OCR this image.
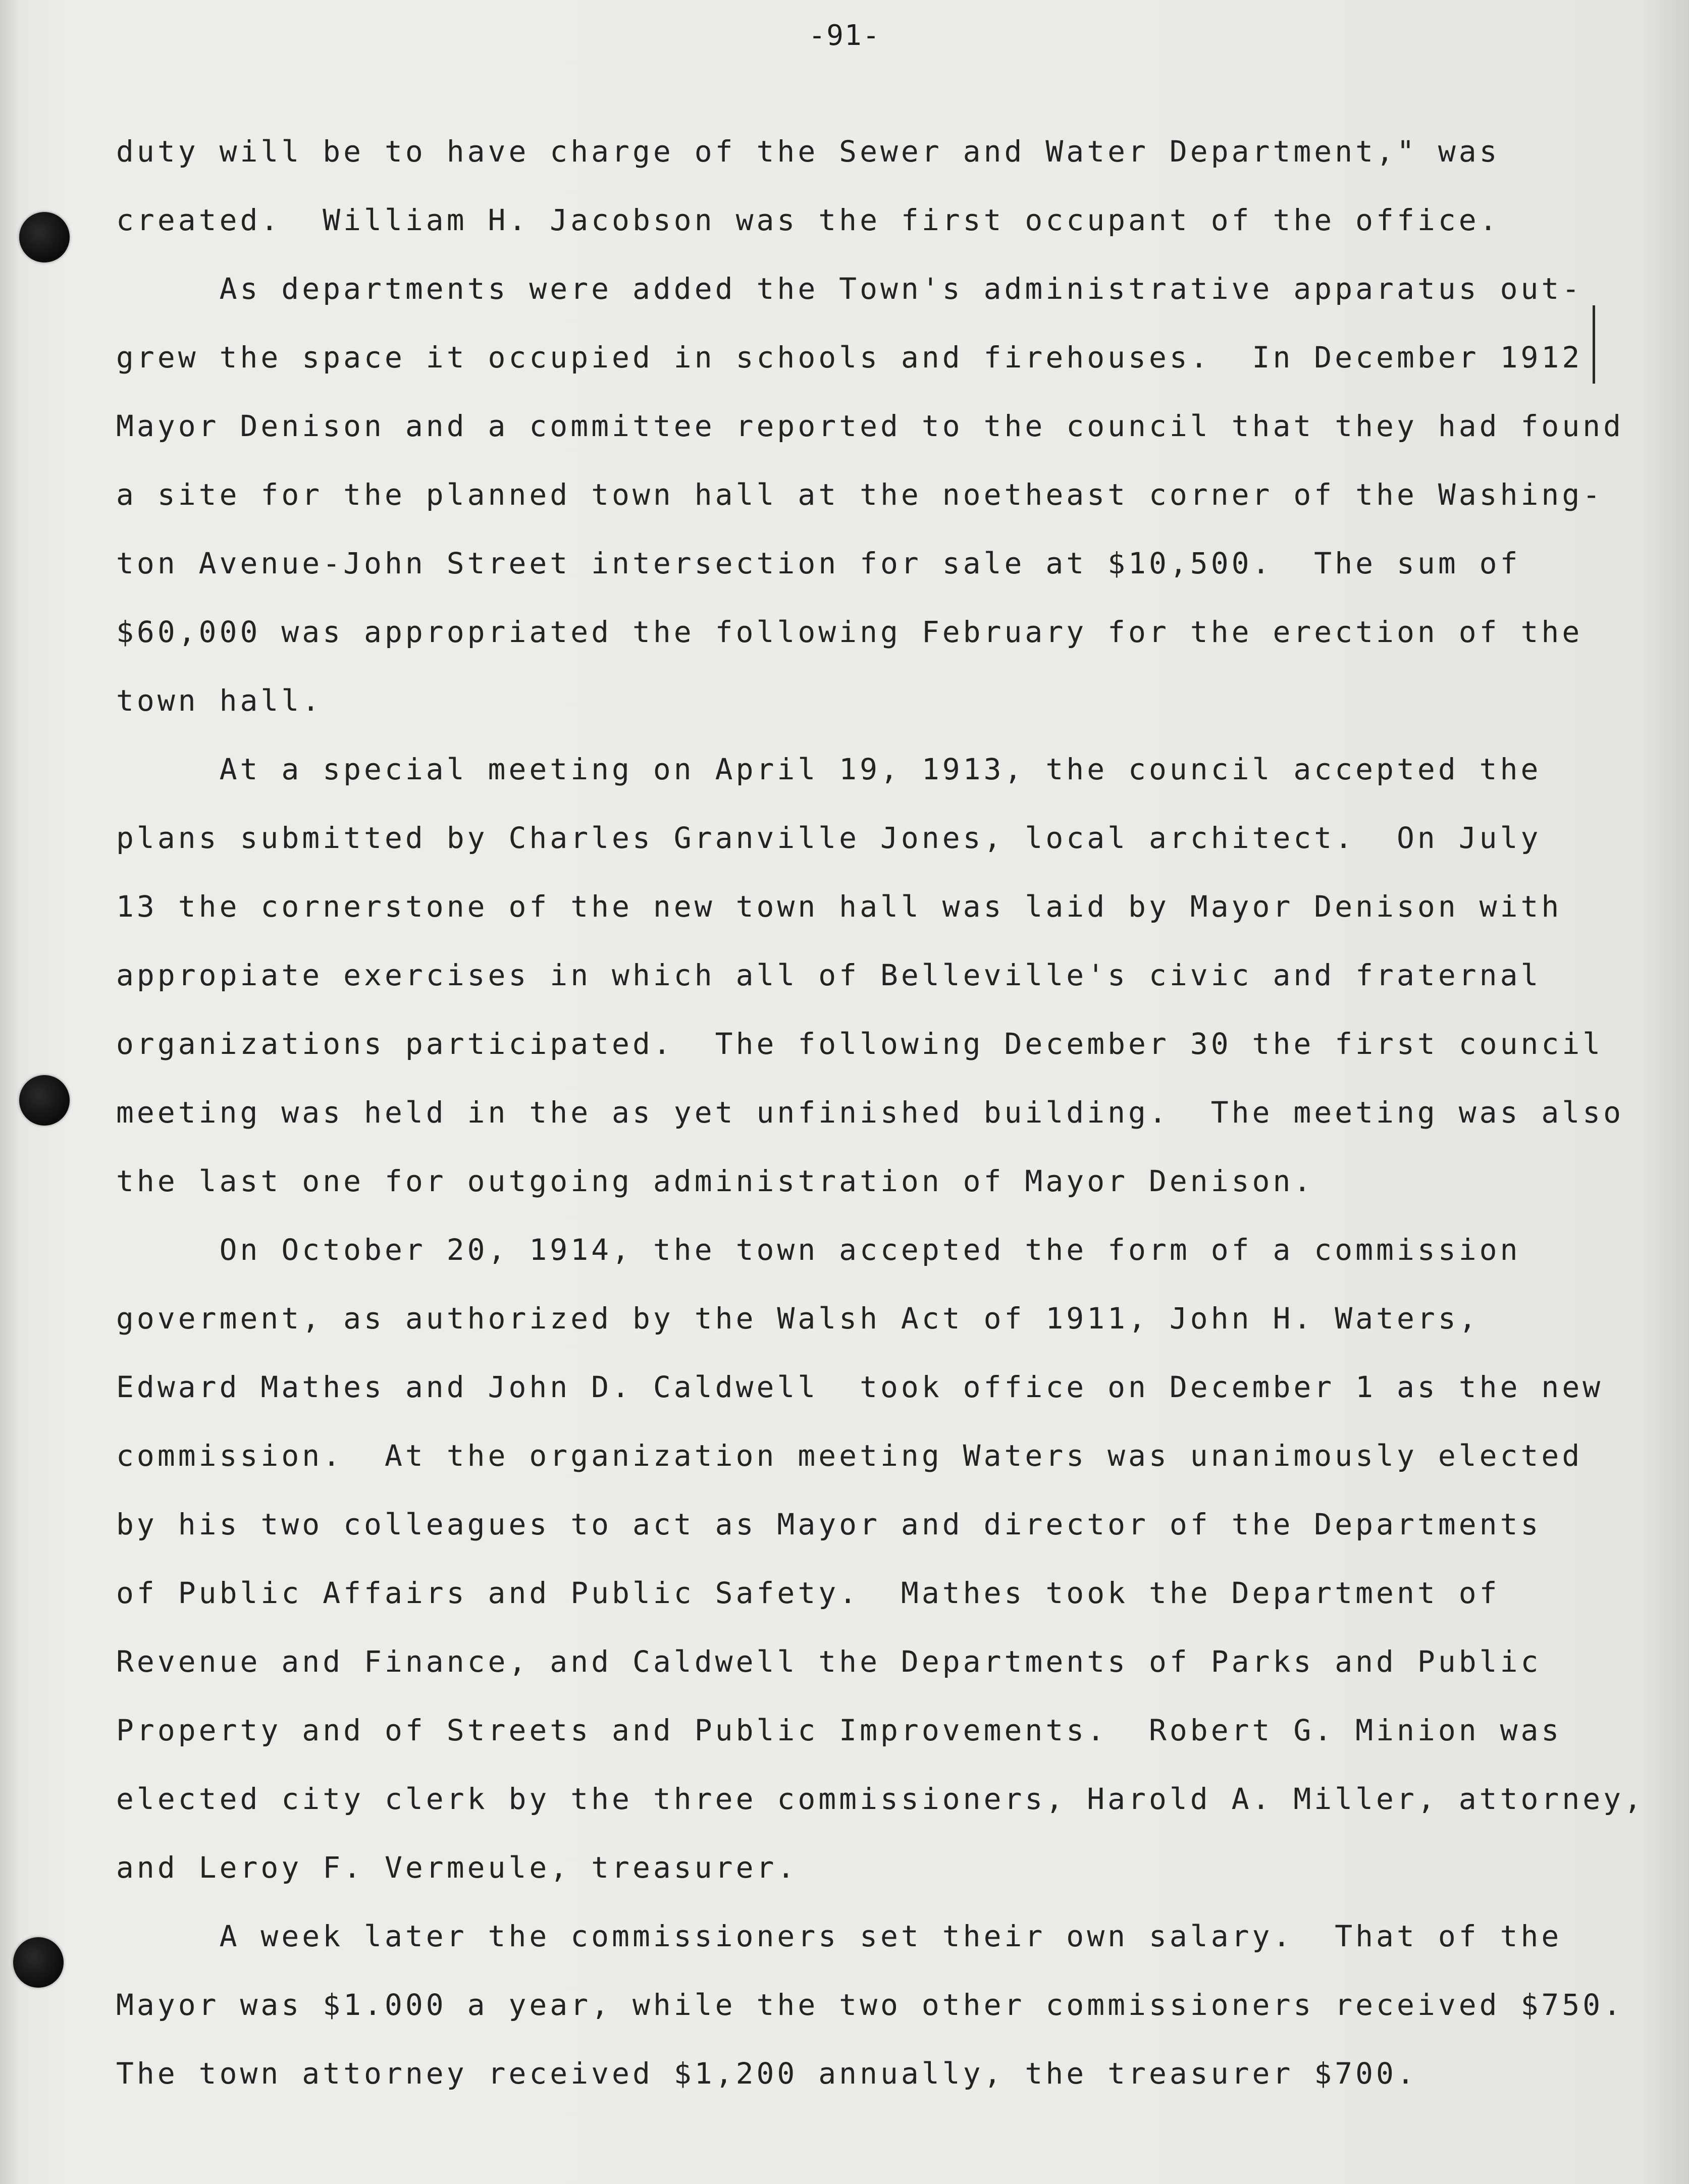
-91-
duty will be to have charge of the Sewer and Water Department," was
created.  William H. Jacobson was the first occupant of the office.
As departments were added the Town's administrative apparatus out-
grew the space it occupied in schools and firehouses.  In December 1912
Mayor Denison and a committee reported to the council that they had found
a site for the planned town hall at the noetheast corner of the Washing-
ton Avenue-John Street intersection for sale at $10,500.  The sum of
$60,000 was appropriated the following February for the erection of the
town hall.
At a special meeting on April 19, 1913, the council accepted the
plans submitted by Charles Granville Jones, local architect.  On July
13 the cornerstone of the new town hall was laid by Mayor Denison with
appropiate exercises in which all of Belleville's civic and fraternal
organizations participated.  The following December 30 the first council
meeting was held in the as yet unfinished building.  The meeting was also
the last one for outgoing administration of Mayor Denison.
On October 20, 1914, the town accepted the form of a commission
goverment, as authorized by the Walsh Act of 1911, John H. Waters,
Edward Mathes and John D. Caldwell  took office on December 1 as the new
commission.  At the organization meeting Waters was unanimously elected
by his two colleagues to act as Mayor and director of the Departments
of Public Affairs and Public Safety.  Mathes took the Department of
Revenue and Finance, and Caldwell the Departments of Parks and Public
Property and of Streets and Public Improvements.  Robert G. Minion was
elected city clerk by the three commissioners, Harold A. Miller, attorney,
and Leroy F. Vermeule, treasurer.
A week later the commissioners set their own salary.  That of the
Mayor was $1.000 a year, while the two other commissioners received $750.
The town attorney received $1,200 annually, the treasurer $700.
